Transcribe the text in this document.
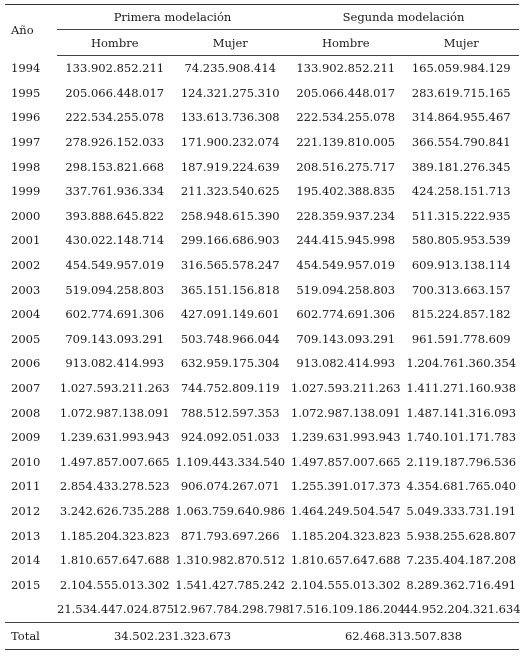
Año	Primera modelación		Segunda modelación	
	Hombre	Mujer	Hombre	Mujer
1994	133.902.852.211	74.235.908.414	133.902.852.211	165.059.984.129
1995	205.066.448.017	124.321.275.310	205.066.448.017	283.619.715.165
1996	222.534.255.078	133.613.736.308	222.534.255.078	314.864.955.467
1997	278.926.152.033	171.900.232.074	221.139.810.005	366.554.790.841
1998	298.153.821.668	187.919.224.639	208.516.275.717	389.181.276.345
1999	337.761.936.334	211.323.540.625	195.402.388.835	424.258.151.713
2000	393.888.645.822	258.948.615.390	228.359.937.234	511.315.222.935
2001	430.022.148.714	299.166.686.903	244.415.945.998	580.805.953.539
2002	454.549.957.019	316.565.578.247	454.549.957.019	609.913.138.114
2003	519.094.258.803	365.151.156.818	519.094.258.803	700.313.663.157
2004	602.774.691.306	427.091.149.601	602.774.691.306	815.224.857.182
2005	709.143.093.291	503.748.966.044	709.143.093.291	961.591.778.609
2006	913.082.414.993	632.959.175.304	913.082.414.993	1.204.761.360.354
2007	1.027.593.211.263	744.752.809.119	1.027.593.211.263	1.411.271.160.938
2008	1.072.987.138.091	788.512.597.353	1.072.987.138.091	1.487.141.316.093
2009	1.239.631.993.943	924.092.051.033	1.239.631.993.943	1.740.101.171.783
2010	1.497.857.007.665	1.109.443.334.540	1.497.857.007.665	2.119.187.796.536
2011	2.854.433.278.523	906.074.267.071	1.255.391.017.373	4.354.681.765.040
2012	3.242.626.735.288	1.063.759.640.986	1.464.249.504.547	5.049.333.731.191
2013	1.185.204.323.823	871.793.697.266	1.185.204.323.823	5.938.255.628.807
2014	1.810.657.647.688	1.310.982.870.512	1.810.657.647.688	7.235.404.187.208
2015	2.104.555.013.302	1.541.427.785.242	2.104.555.013.302	8.289.362.716.491
	21.534.447.024.875	12.967.784.298.798	17.516.109.186.204	44.952.204.321.634
Total	34.502.231.323.673		62.468.313.507.838	
